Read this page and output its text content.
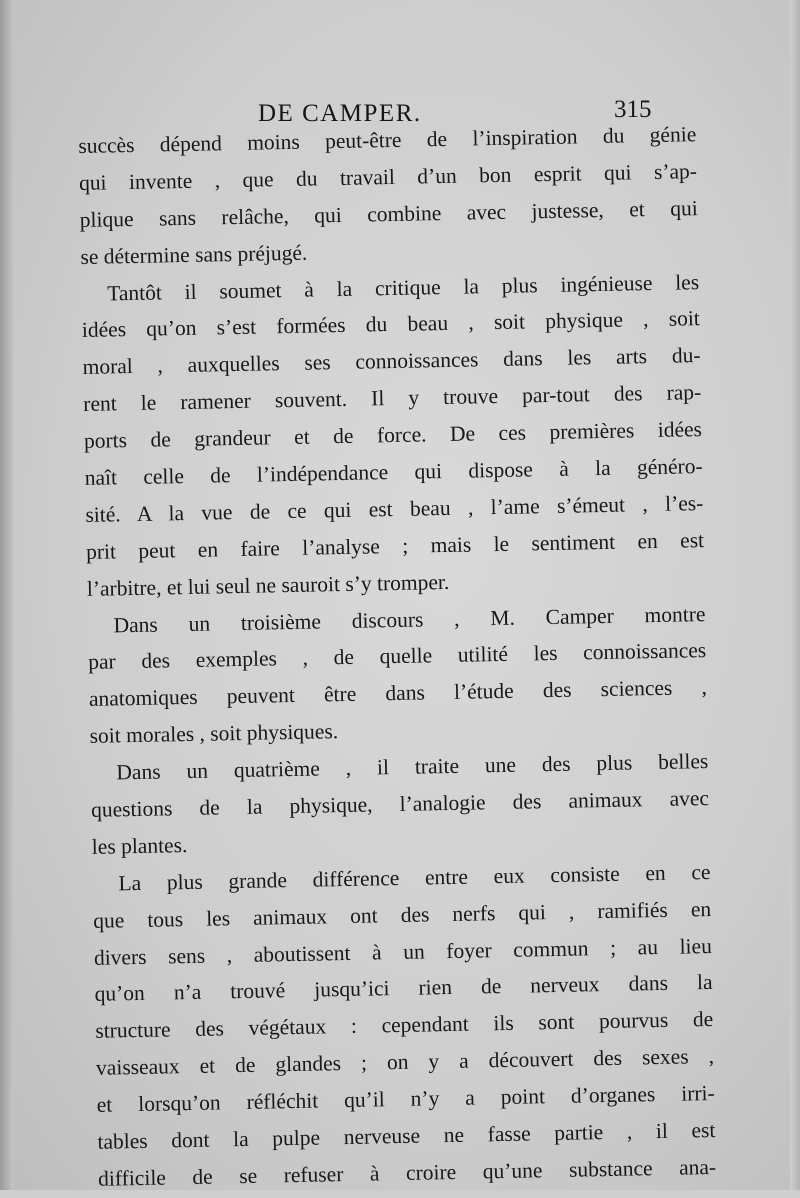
DE CAMPER.	315
succès dépend moins peut-être de l’inspiration du génie
qui invente , que du travail d’un bon esprit qui s’ap-
plique sans relâche, qui combine avec justesse, et qui
se détermine sans préjugé.
Tantôt il soumet à la critique la plus ingénieuse les
idées qu’on s’est formées du beau , soit physique , soit
moral , auxquelles ses connoissances dans les arts du-
rent le ramener souvent. Il y trouve par-tout des rap-
ports de grandeur et de force. De ces premières idées
naît celle de l’indépendance qui dispose à la généro-
sité. A la vue de ce qui est beau , l’ame s’émeut , l’es-
prit peut en faire l’analyse ; mais le sentiment en est
l’arbitre, et lui seul ne sauroit s’y tromper.
Dans un troisième discours , M. Camper montre
par des exemples , de quelle utilité les connoissances
anatomiques peuvent être dans l’étude des sciences ,
soit morales , soit physiques.
Dans un quatrième , il traite une des plus belles
questions de la physique, l’analogie des animaux avec
les plantes.
La plus grande différence entre eux consiste en ce
que tous les animaux ont des nerfs qui , ramifiés en
divers sens , aboutissent à un foyer commun ; au lieu
qu’on n’a trouvé jusqu’ici rien de nerveux dans la
structure des végétaux : cependant ils sont pourvus de
vaisseaux et de glandes ; on y a découvert des sexes ,
et lorsqu’on réfléchit qu’il n’y a point d’organes irri-
tables dont la pulpe nerveuse ne fasse partie , il est
difficile de se refuser à croire qu’une substance ana-
